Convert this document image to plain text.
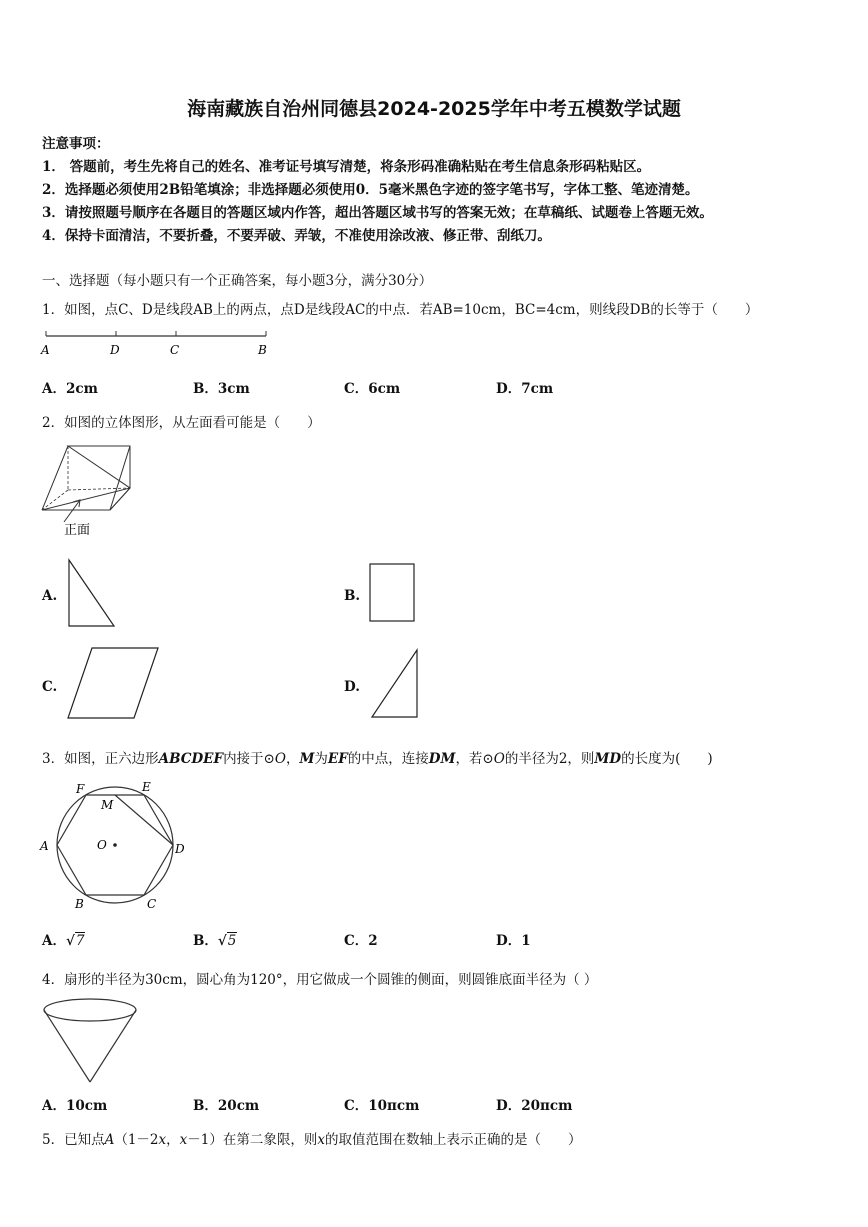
海南藏族自治州同德县2024-2025学年中考五模数学试题
注意事项：
1． 答题前，考生先将自己的姓名、准考证号填写清楚，将条形码准确粘贴在考生信息条形码粘贴区。
2．选择题必须使用2B铅笔填涂；非选择题必须使用0．5毫米黑色字迹的签字笔书写，字体工整、笔迹清楚。
3．请按照题号顺序在各题目的答题区域内作答，超出答题区域书写的答案无效；在草稿纸、试题卷上答题无效。
4．保持卡面清洁，不要折叠，不要弄破、弄皱，不准使用涂改液、修正带、刮纸刀。
一、选择题（每小题只有一个正确答案，每小题3分，满分30分）
1．如图，点C、D是线段AB上的两点，点D是线段AC的中点．若AB=10cm，BC=4cm，则线段DB的长等于（　　）
A	D	C	B
A．2cm	B．3cm	C．6cm	D．7cm
2．如图的立体图形，从左面看可能是（　　）
正面
A.	B.
C.	D.
3．如图，正六边形ABCDEF内接于⊙O，M为EF的中点，连接DM，若⊙O的半径为2，则MD的长度为(　　)
F	E
M
A	O	D
B	C
A．√7	B．√5	C．2	D．1
4．扇形的半径为30cm，圆心角为120°，用它做成一个圆锥的侧面，则圆锥底面半径为（ ）
A．10cm	B．20cm	C．10πcm	D．20πcm
5．已知点A（1－2x，x－1）在第二象限，则x的取值范围在数轴上表示正确的是（　　）
